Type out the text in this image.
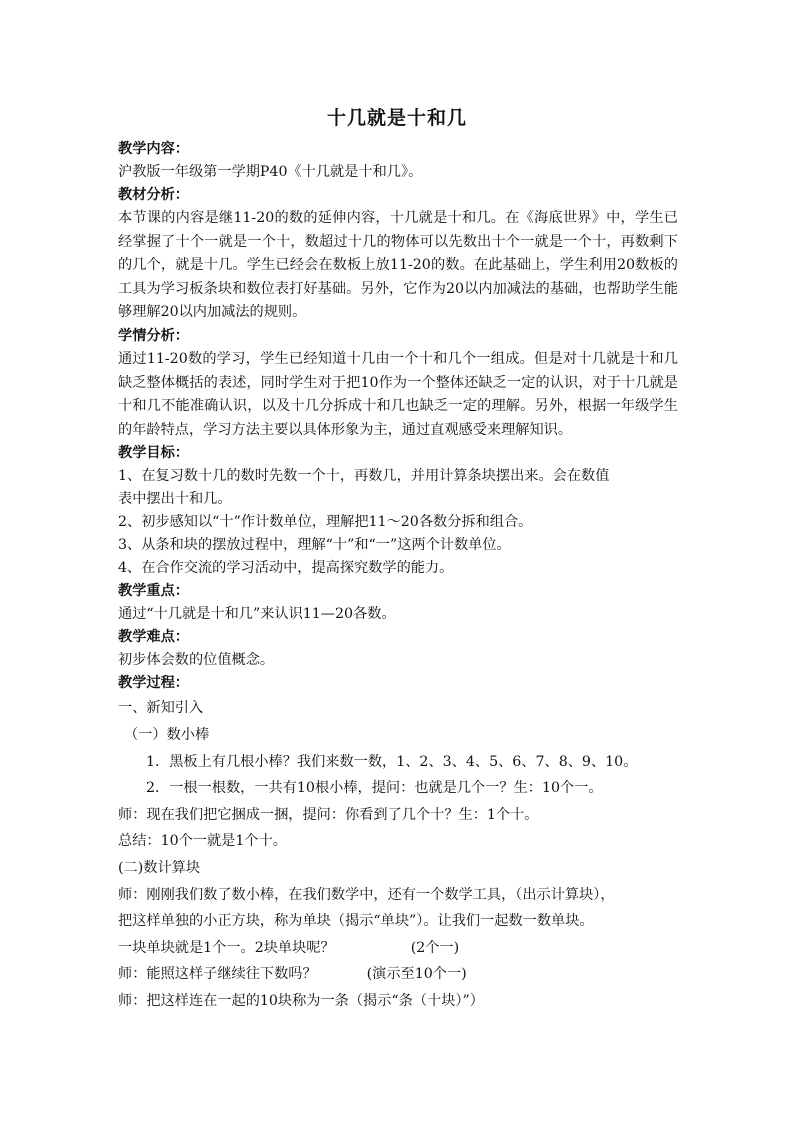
十几就是十和几
教学内容：
沪教版一年级第一学期P40《十几就是十和几》。
教材分析：
本节课的内容是继11-20的数的延伸内容，十几就是十和几。在《海底世界》中，学生已经掌握了十个一就是一个十，数超过十几的物体可以先数出十个一就是一个十，再数剩下的几个，就是十几。学生已经会在数板上放11-20的数。在此基础上，学生利用20数板的工具为学习板条块和数位表打好基础。另外，它作为20以内加减法的基础，也帮助学生能够理解20以内加减法的规则。
学情分析：
通过11-20数的学习，学生已经知道十几由一个十和几个一组成。但是对十几就是十和几缺乏整体概括的表述，同时学生对于把10作为一个整体还缺乏一定的认识，对于十几就是十和几不能准确认识，以及十几分拆成十和几也缺乏一定的理解。另外，根据一年级学生的年龄特点，学习方法主要以具体形象为主，通过直观感受来理解知识。
教学目标：
1、在复习数十几的数时先数一个十，再数几，并用计算条块摆出来。会在数值
表中摆出十和几。
2、初步感知以“十”作计数单位，理解把11～20各数分拆和组合。
3、从条和块的摆放过程中，理解“十”和“一”这两个计数单位。
4、在合作交流的学习活动中，提高探究数学的能力。
教学重点：
通过“十几就是十和几”来认识11—20各数。
教学难点：
初步体会数的位值概念。
教学过程：
一、新知引入
（一）数小棒
1．黑板上有几根小棒？我们来数一数，1、2、3、4、5、6、7、8、9、10。
2．一根一根数，一共有10根小棒，提问：也就是几个一？生：10个一。
师：现在我们把它捆成一捆，提问：你看到了几个十？生：1个十。
总结：10个一就是1个十。
(二)数计算块
师：刚刚我们数了数小棒，在我们数学中，还有一个数学工具，（出示计算块），
把这样单独的小正方块，称为单块（揭示“单块”）。让我们一起数一数单块。
一块单块就是1个一。2块单块呢？	(2个一)
师：能照这样子继续往下数吗？	(演示至10个一)
师：把这样连在一起的10块称为一条（揭示“条（十块）”）
